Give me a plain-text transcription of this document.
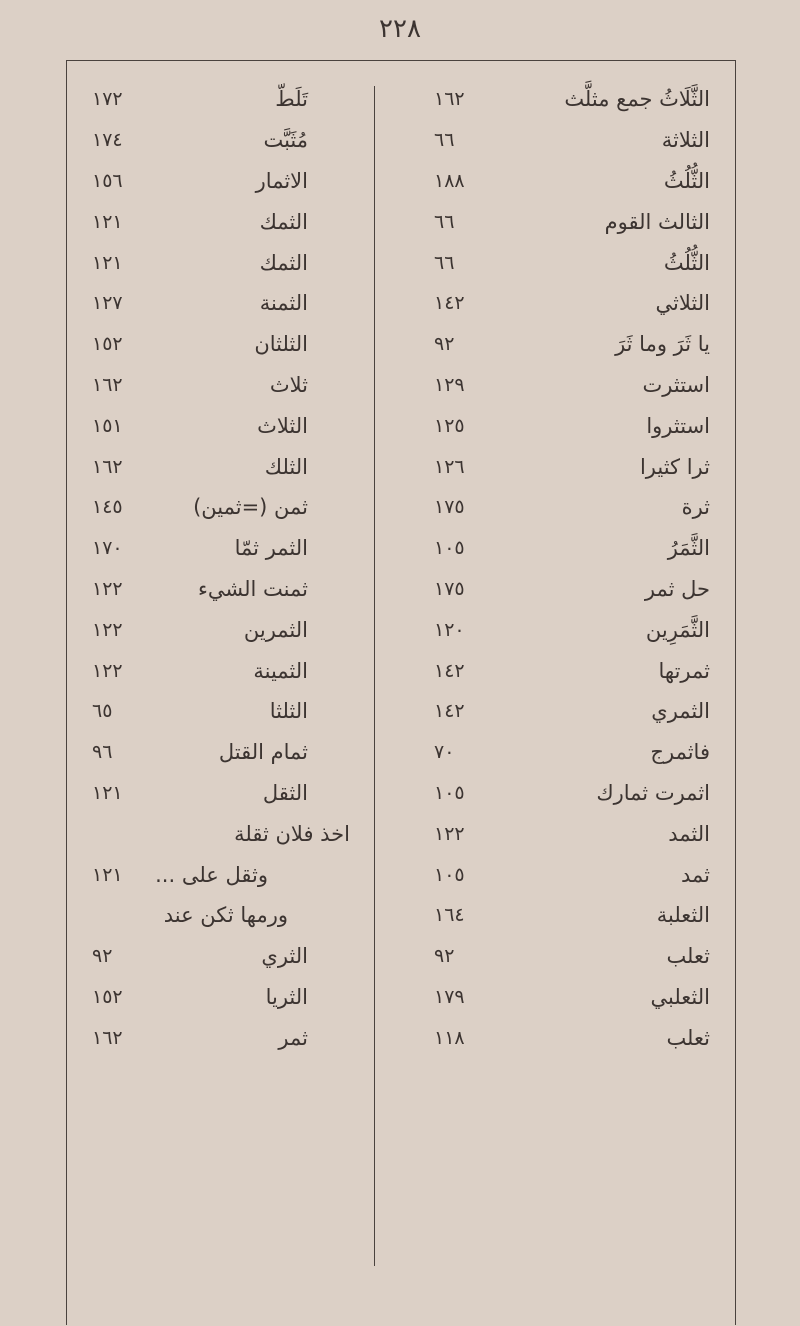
٢٢٨
الثَّلَاثُ جمع مثلَّث
١٦٢
الثلاثة
٦٦
الثُّلُثُ
١٨٨
الثالث القوم
٦٦
الثُّلُثُ
٦٦
الثلاثي
١٤٢
يا ثَرَ وما ثَرَ
٩٢
استثرت
١٢٩
استثروا
١٢٥
ثرا كثيرا
١٢٦
ثرة
١٧٥
الثَّمَرُ
١٠٥
حل ثمر
١٧٥
الثَّمَرِين
١٢٠
ثمرتها
١٤٢
الثمري
١٤٢
فاثمرج
٧٠
اثمرت ثمارك
١٠٥
الثمد
١٢٢
ثمد
١٠٥
الثعلبة
١٦٤
ثعلب
٩٢
الثعلبي
١٧٩
ثعلب
١١٨
تَلَطّ
١٧٢
مُثَبَّت
١٧٤
الاثمار
١٥٦
الثمك
١٢١
الثمك
١٢١
الثمنة
١٢٧
الثلثان
١٥٢
ثلاث
١٦٢
الثلاث
١٥١
الثلك
١٦٢
ثمن (=ثمين)
١٤٥
الثمر ثمّا
١٧٠
ثمنت الشيء
١٢٢
الثمرين
١٢٢
الثمينة
١٢٢
الثلثا
٦٥
ثمام القتل
٩٦
الثقل
١٢١
اخذ فلان ثقلة
وثقل على ...
١٢١
ورمها ثكن عند
الثري
٩٢
الثريا
١٥٢
ثمر
١٦٢
